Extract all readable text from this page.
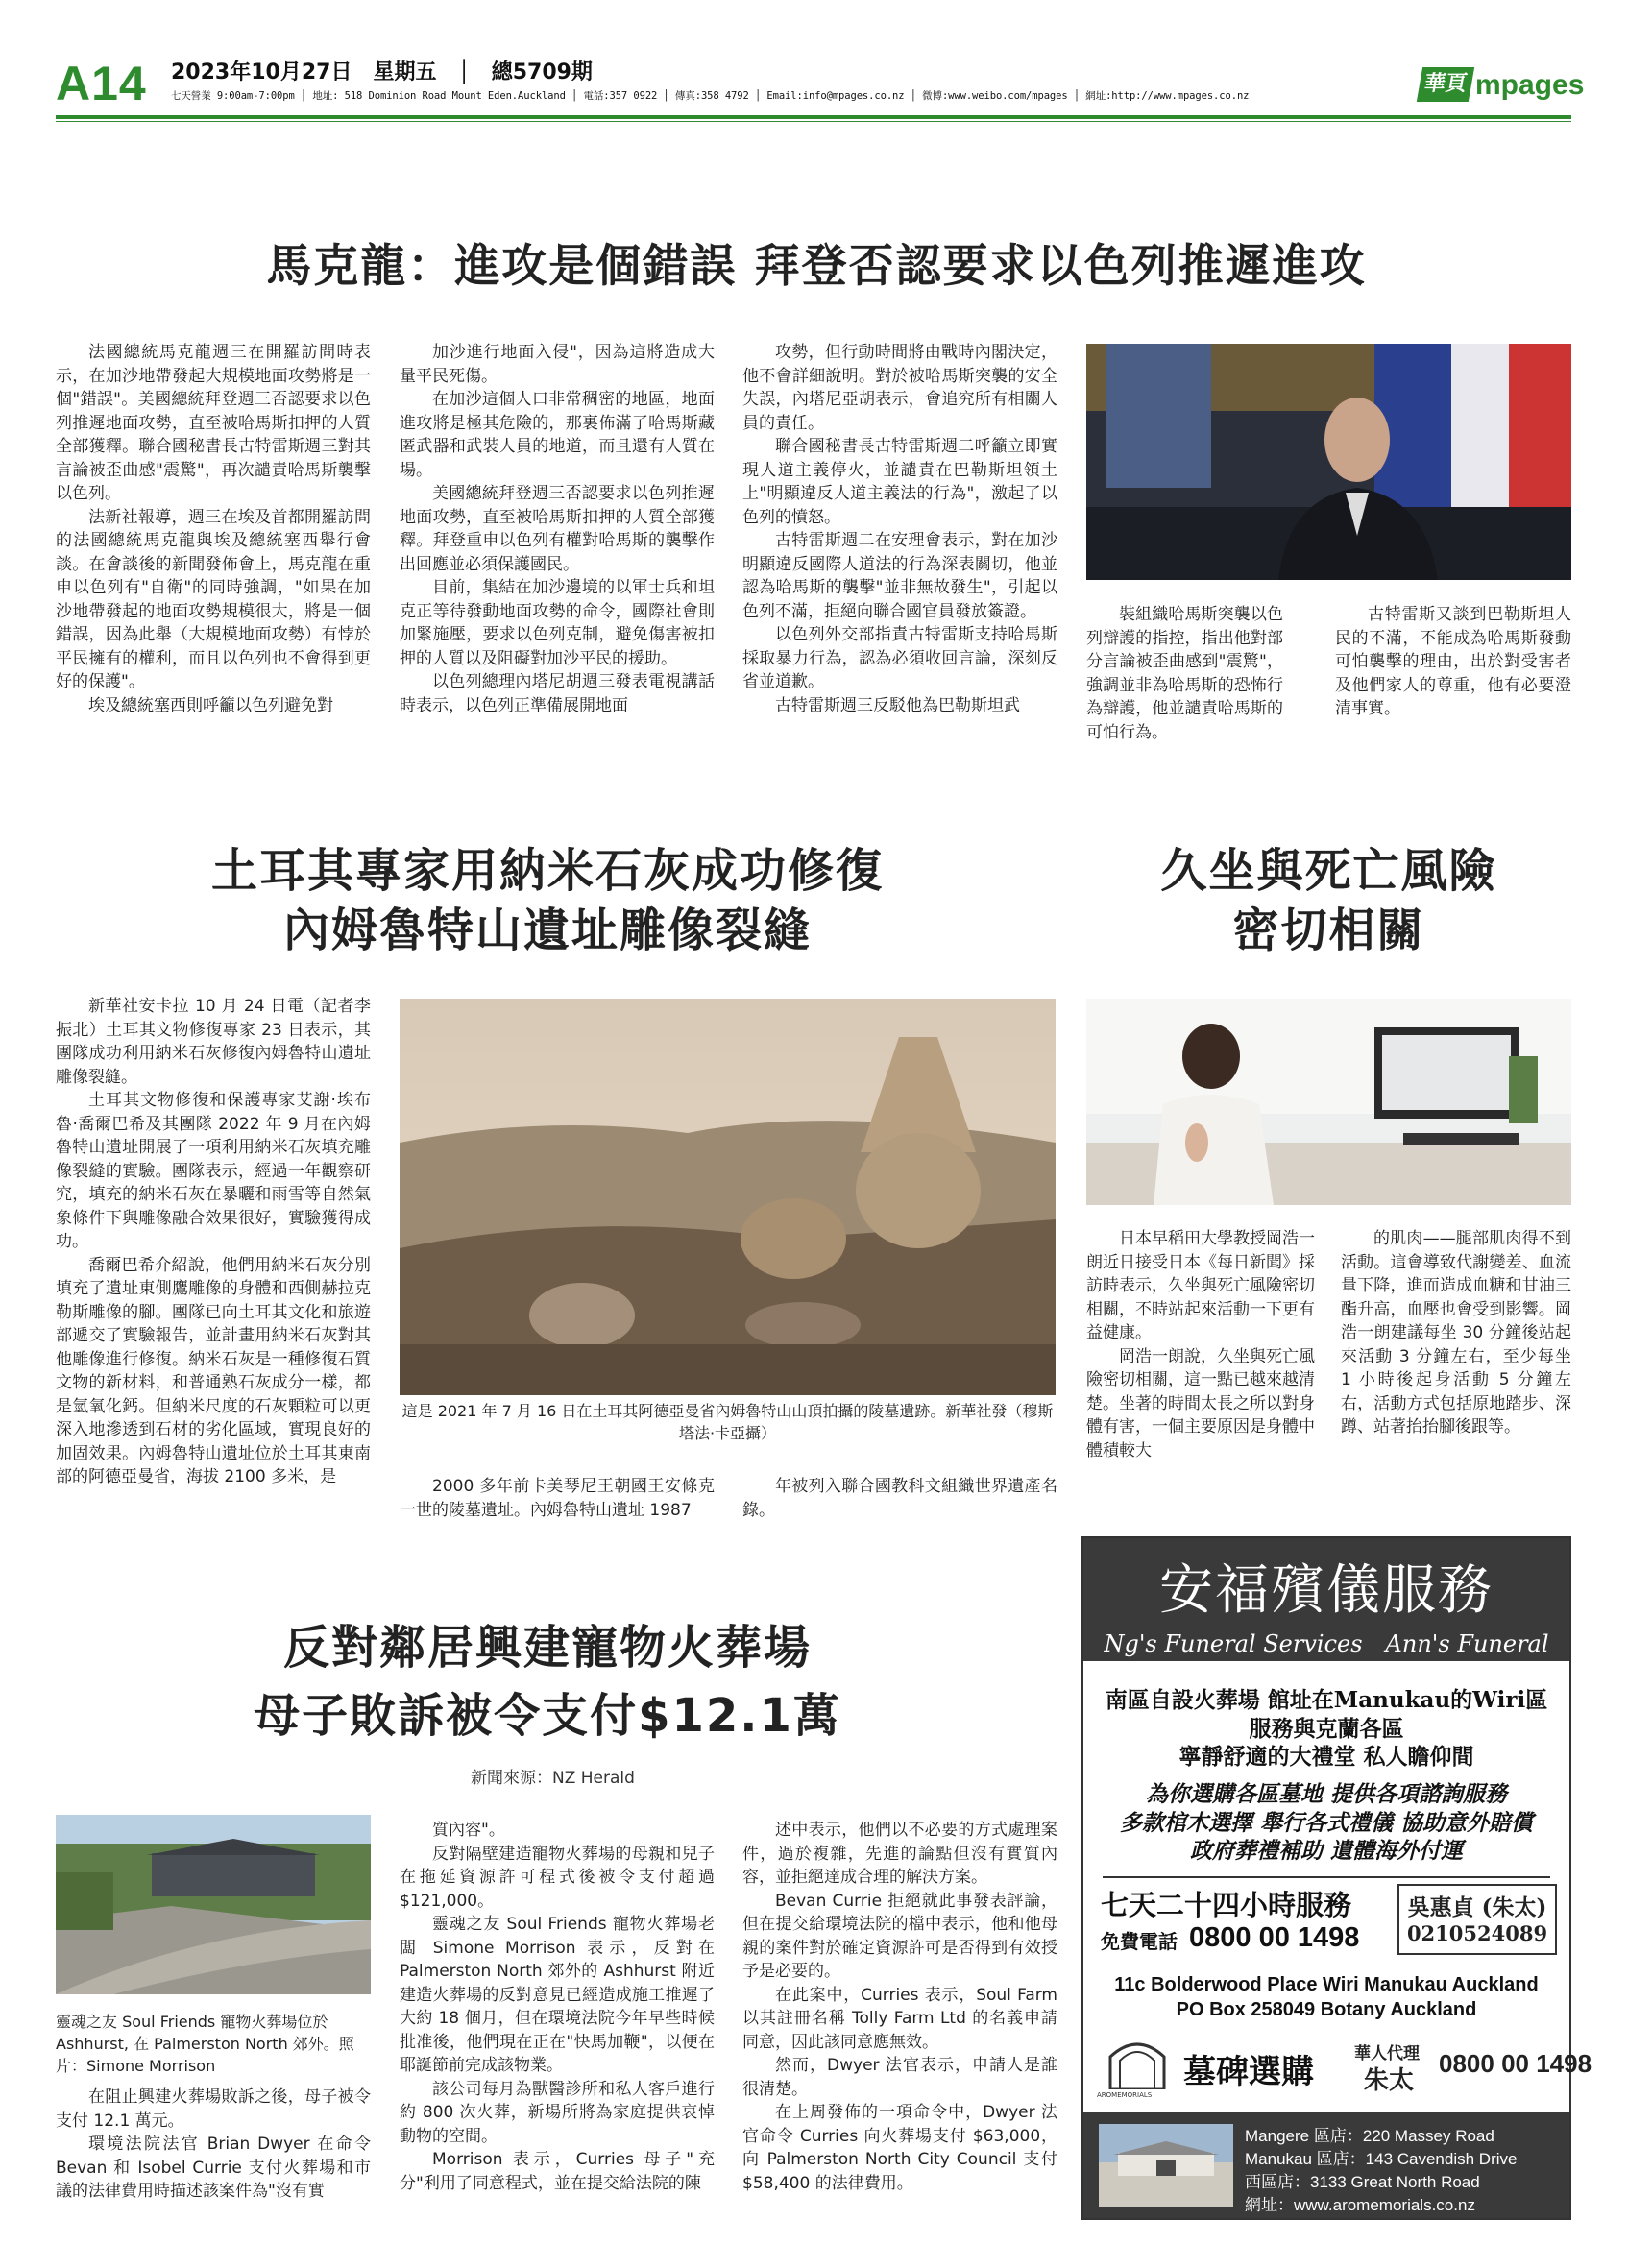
A14 2023年10月27日　星期五　│　總5709期
七天營業 9:00am-7:00pm │ 地址: 518 Dominion Road Mount Eden.Auckland │ 電話:357 0922 │ 傳真:358 4792 │ Email:info@mpages.co.nz │ 微博:www.weibo.com/mpages │ 網址:http://www.mpages.co.nz	華頁 mpages
馬克龍：進攻是個錯誤 拜登否認要求以色列推遲進攻

法國總統馬克龍週三在開羅訪問時表示，在加沙地帶發起大規模地面攻勢將是一個"錯誤"。美國總統拜登週三否認要求以色列推遲地面攻勢，直至被哈馬斯扣押的人質全部獲釋。聯合國秘書長古特雷斯週三對其言論被歪曲感"震驚"，再次譴責哈馬斯襲擊以色列。

法新社報導，週三在埃及首都開羅訪問的法國總統馬克龍與埃及總統塞西舉行會談。在會談後的新聞發佈會上，馬克龍在重申以色列有"自衛"的同時強調，"如果在加沙地帶發起的地面攻勢規模很大，將是一個錯誤，因為此舉（大規模地面攻勢）有悖於平民擁有的權利，而且以色列也不會得到更好的保護"。

埃及總統塞西則呼籲以色列避免對

加沙進行地面入侵"，因為這將造成大量平民死傷。

在加沙這個人口非常稠密的地區，地面進攻將是極其危險的，那裏佈滿了哈馬斯藏匿武器和武裝人員的地道，而且還有人質在場。

美國總統拜登週三否認要求以色列推遲地面攻勢，直至被哈馬斯扣押的人質全部獲釋。拜登重申以色列有權對哈馬斯的襲擊作出回應並必須保護國民。

目前，集結在加沙邊境的以軍士兵和坦克正等待發動地面攻勢的命令，國際社會則加緊施壓，要求以色列克制，避免傷害被扣押的人質以及阻礙對加沙平民的援助。

以色列總理內塔尼胡週三發表電視講話時表示，以色列正準備展開地面

攻勢，但行動時間將由戰時內閣決定，他不會詳細說明。對於被哈馬斯突襲的安全失誤，內塔尼亞胡表示，會追究所有相關人員的責任。

聯合國秘書長古特雷斯週二呼籲立即實現人道主義停火，並譴責在巴勒斯坦領土上"明顯違反人道主義法的行為"，激起了以色列的憤怒。

古特雷斯週二在安理會表示，對在加沙明顯違反國際人道法的行為深表關切，他並認為哈馬斯的襲擊"並非無故發生"，引起以色列不滿，拒絕向聯合國官員發放簽證。

以色列外交部指責古特雷斯支持哈馬斯採取暴力行為，認為必須收回言論，深刻反省並道歉。

古特雷斯週三反駁他為巴勒斯坦武

裝組織哈馬斯突襲以色列辯護的指控，指出他對部分言論被歪曲感到"震驚"，強調並非為哈馬斯的恐怖行為辯護，他並譴責哈馬斯的可怕行為。

古特雷斯又談到巴勒斯坦人民的不滿，不能成為哈馬斯發動可怕襲擊的理由，出於對受害者及他們家人的尊重，他有必要澄清事實。

土耳其專家用納米石灰成功修復
內姆魯特山遺址雕像裂縫

新華社安卡拉 10 月 24 日電（記者李振北）土耳其文物修復專家 23 日表示，其團隊成功利用納米石灰修復內姆魯特山遺址雕像裂縫。

土耳其文物修復和保護專家艾謝·埃布魯·喬爾巴希及其團隊 2022 年 9 月在內姆魯特山遺址開展了一項利用納米石灰填充雕像裂縫的實驗。團隊表示，經過一年觀察研究，填充的納米石灰在暴曬和雨雪等自然氣象條件下與雕像融合效果很好，實驗獲得成功。

喬爾巴希介紹說，他們用納米石灰分別填充了遺址東側鷹雕像的身體和西側赫拉克勒斯雕像的腳。團隊已向土耳其文化和旅遊部遞交了實驗報告，並計畫用納米石灰對其他雕像進行修復。納米石灰是一種修復石質文物的新材料，和普通熟石灰成分一樣，都是氫氧化鈣。但納米尺度的石灰顆粒可以更深入地滲透到石材的劣化區域，實現良好的加固效果。內姆魯特山遺址位於土耳其東南部的阿德亞曼省，海拔 2100 多米，是

這是 2021 年 7 月 16 日在土耳其阿德亞曼省內姆魯特山山頂拍攝的陵墓遺跡。新華社發（穆斯塔法·卡亞攝）

2000 多年前卡美琴尼王朝國王安條克一世的陵墓遺址。內姆魯特山遺址 1987

年被列入聯合國教科文組織世界遺產名錄。

久坐與死亡風險
密切相關

日本早稻田大學教授岡浩一朗近日接受日本《每日新聞》採訪時表示，久坐與死亡風險密切相關，不時站起來活動一下更有益健康。

岡浩一朗說，久坐與死亡風險密切相關，這一點已越來越清楚。坐著的時間太長之所以對身體有害，一個主要原因是身體中體積較大

的肌肉——腿部肌肉得不到活動。這會導致代謝變差、血流量下降，進而造成血糖和甘油三酯升高，血壓也會受到影響。岡浩一朗建議每坐 30 分鐘後站起來活動 3 分鐘左右，至少每坐 1 小時後起身活動 5 分鐘左右，活動方式包括原地踏步、深蹲、站著抬抬腳後跟等。

反對鄰居興建寵物火葬場
母子敗訴被令支付$12.1萬
新聞來源：NZ Herald
靈魂之友 Soul Friends 寵物火葬場位於 Ashhurst, 在 Palmerston North 郊外。照片：Simone Morrison

在阻止興建火葬場敗訴之後，母子被令支付 12.1 萬元。

環境法院法官 Brian Dwyer 在命令 Bevan 和 Isobel Currie 支付火葬場和市議的法律費用時描述該案件為"沒有實

質內容"。

反對隔壁建造寵物火葬場的母親和兒子在拖延資源許可程式後被令支付超過 $121,000。

靈魂之友 Soul Friends 寵物火葬場老闆 Simone Morrison 表示，反對在 Palmerston North 郊外的 Ashhurst 附近建造火葬場的反對意見已經造成施工推遲了大約 18 個月，但在環境法院今年早些時候批准後，他們現在正在"快馬加鞭"，以便在耶誕節前完成該物業。

該公司每月為獸醫診所和私人客戶進行約 800 次火葬，新場所將為家庭提供哀悼動物的空間。

Morrison 表示，Curries 母子"充分"利用了同意程式，並在提交給法院的陳

述中表示，他們以不必要的方式處理案件，過於複雜，先進的論點但沒有實質內容，並拒絕達成合理的解決方案。

Bevan Currie 拒絕就此事發表評論，但在提交給環境法院的檔中表示，他和他母親的案件對於確定資源許可是否得到有效授予是必要的。

在此案中，Curries 表示，Soul Farm 以其註冊名稱 Tolly Farm Ltd 的名義申請同意，因此該同意應無效。

然而，Dwyer 法官表示，申請人是誰很清楚。

在上周發佈的一項命令中，Dwyer 法官命令 Curries 向火葬場支付 $63,000，向 Palmerston North City Council 支付 $58,400 的法律費用。

安福殯儀服務
Ng's Funeral Services　Ann's Funeral
南區自設火葬場 館址在Manukau的Wiri區
服務與克蘭各區
寧靜舒適的大禮堂 私人瞻仰間
為你選購各區墓地 提供各項諮詢服務
多款棺木選擇 舉行各式禮儀 協助意外賠償
政府葬禮補助 遺體海外付運
七天二十四小時服務
免費電話 0800 00 1498
吳惠貞 (朱太)
0210524089
11c Bolderwood Place Wiri Manukau Auckland
PO Box 258049 Botany Auckland
AROMEMORIALS
墓碑選購 華人代理
朱太
0800 00 1498
Mangere 區店：220 Massey Road
Manukau 區店：143 Cavendish Drive
西區店：3133 Great North Road
網址：www.aromemorials.co.nz
